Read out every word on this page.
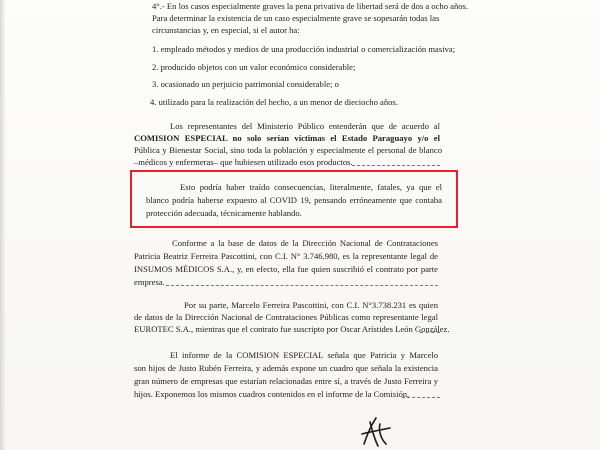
4°.- En los casos especialmente graves la pena privativa de libertad será de dos a ocho años.
Para determinar la existencia de un caso especialmente grave se sopesarán todas las
circunstancias y, en especial, si el autor ha:
1. empleado métodos y medios de una producción industrial o comercialización masiva;
2. producido objetos con un valor económico considerable;
3. ocasionado un perjuicio patrimonial considerable; o
4. utilizado para la realización del hecho, a un menor de dieciocho años.
Los representantes del Ministerio Público entenderán que de acuerdo al
COMISION ESPECIAL no solo serían víctimas el Estado Paraguayo y/o el
Pública y Bienestar Social, sino toda la población y especialmente el personal de blanco
–médicos y enfermeras– que hubiesen utilizado esos productos.
Esto podría haber traído consecuencias, literalmente, fatales, ya que el
blanco podría haberse expuesto al COVID 19, pensando erróneamente que contaba
protección adecuada, técnicamente hablando.
Conforme a la base de datos de la Dirección Nacional de Contrataciones
Patricia Beatriz Ferreira Pascottini, con C.I. N° 3.746.980, es la representante legal de
INSUMOS MÉDICOS S.A., y, en efecto, ella fue quien suscribió el contrato por parte
empresa.
Por su parte, Marcelo Ferreira Pascottini, con C.I. N°3.738.231 es quien
de datos de la Dirección Nacional de Contrataciones Públicas como representante legal
EUROTEC S.A., mientras que el contrato fue suscripto por Oscar Arístides León González.
El informe de la COMISION ESPECIAL señala que Patricia y Marcelo
son hijos de Justo Rubén Ferreira, y además expone un cuadro que señala la existencia
gran número de empresas que estarían relacionadas entre sí, a través de Justo Ferreira y
hijos. Exponemos los mismos cuadros contenidos en el informe de la Comisión.
